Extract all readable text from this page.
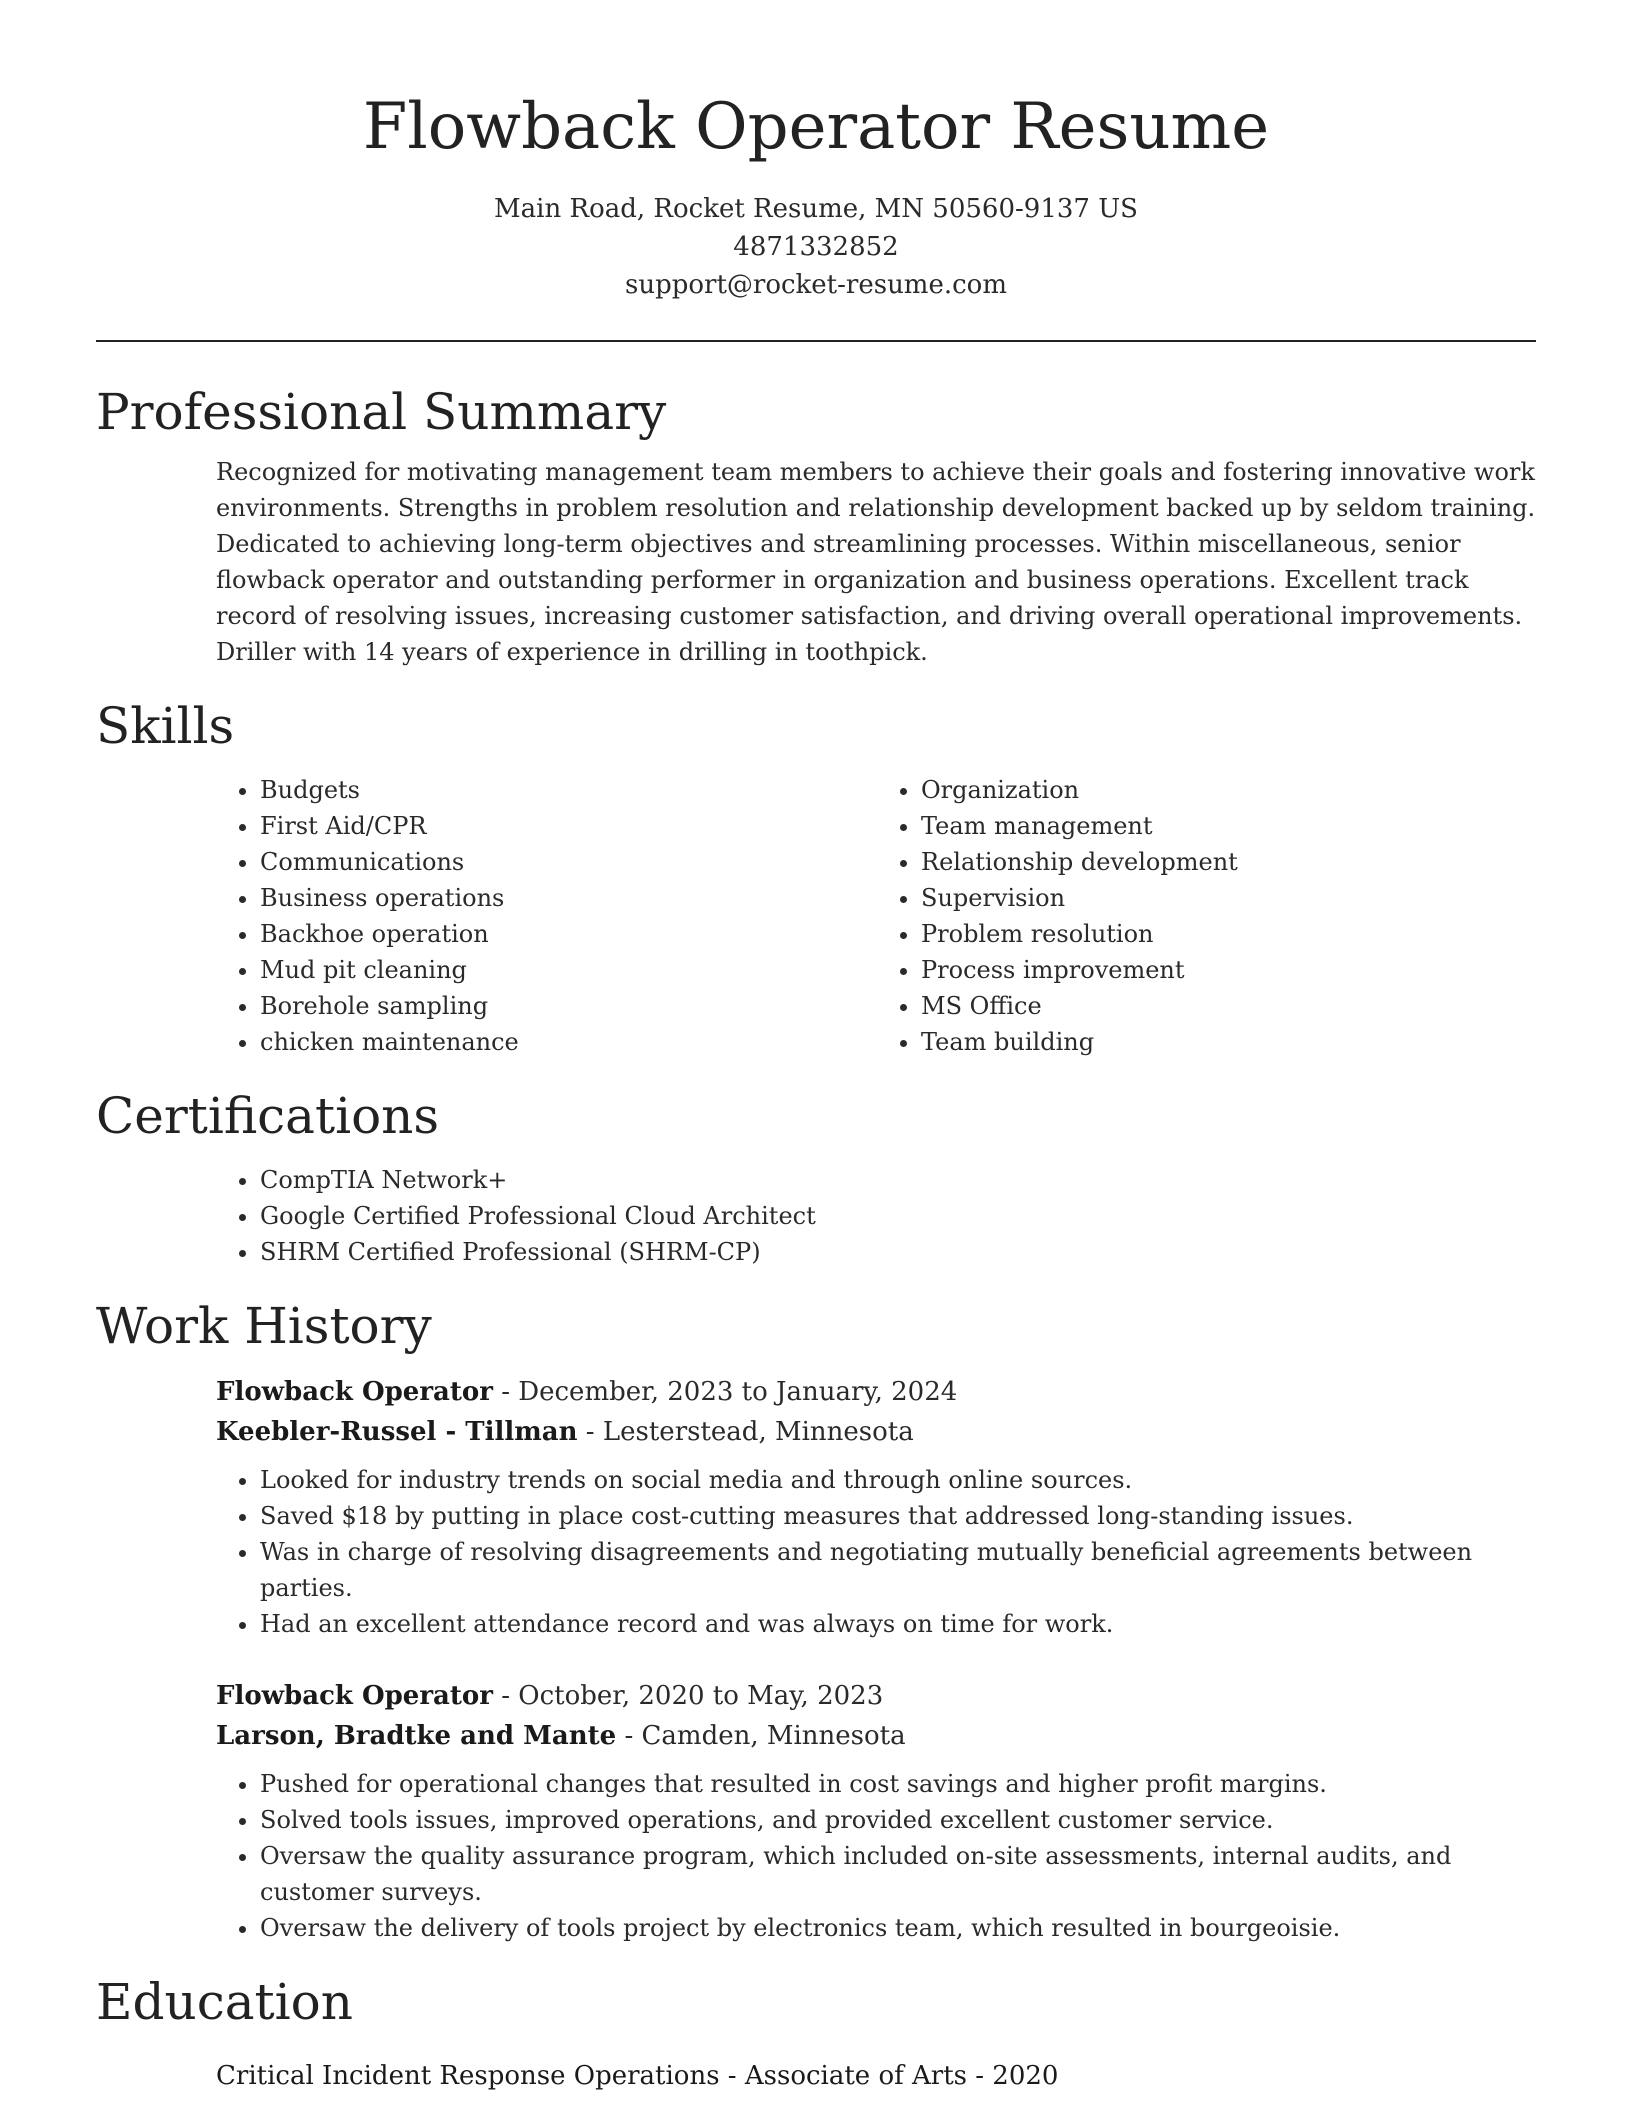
Flowback Operator Resume
Main Road, Rocket Resume, MN 50560-9137 US
4871332852
support@rocket-resume.com
Professional Summary

Recognized for motivating management team members to achieve their goals and fostering innovative work environments. Strengths in problem resolution and relationship development backed up by seldom training. Dedicated to achieving long-term objectives and streamlining processes. Within miscellaneous, senior flowback operator and outstanding performer in organization and business operations. Excellent track record of resolving issues, increasing customer satisfaction, and driving overall operational improvements. Driller with 14 years of experience in drilling in toothpick.

Skills
• Budgets
• First Aid/CPR
• Communications
• Business operations
• Backhoe operation
• Mud pit cleaning
• Borehole sampling
• chicken maintenance
• Organization
• Team management
• Relationship development
• Supervision
• Problem resolution
• Process improvement
• MS Office
• Team building
Certifications
• CompTIA Network+
• Google Certified Professional Cloud Architect
• SHRM Certified Professional (SHRM-CP)
Work History
Flowback Operator - December, 2023 to January, 2024
Keebler-Russel - Tillman - Lesterstead, Minnesota
• Looked for industry trends on social media and through online sources.
• Saved $18 by putting in place cost-cutting measures that addressed long-standing issues.
• Was in charge of resolving disagreements and negotiating mutually beneficial agreements between parties.
• Had an excellent attendance record and was always on time for work.
Flowback Operator - October, 2020 to May, 2023
Larson, Bradtke and Mante - Camden, Minnesota
• Pushed for operational changes that resulted in cost savings and higher profit margins.
• Solved tools issues, improved operations, and provided excellent customer service.
• Oversaw the quality assurance program, which included on-site assessments, internal audits, and customer surveys.
• Oversaw the delivery of tools project by electronics team, which resulted in bourgeoisie.
Education
Critical Incident Response Operations - Associate of Arts - 2020
